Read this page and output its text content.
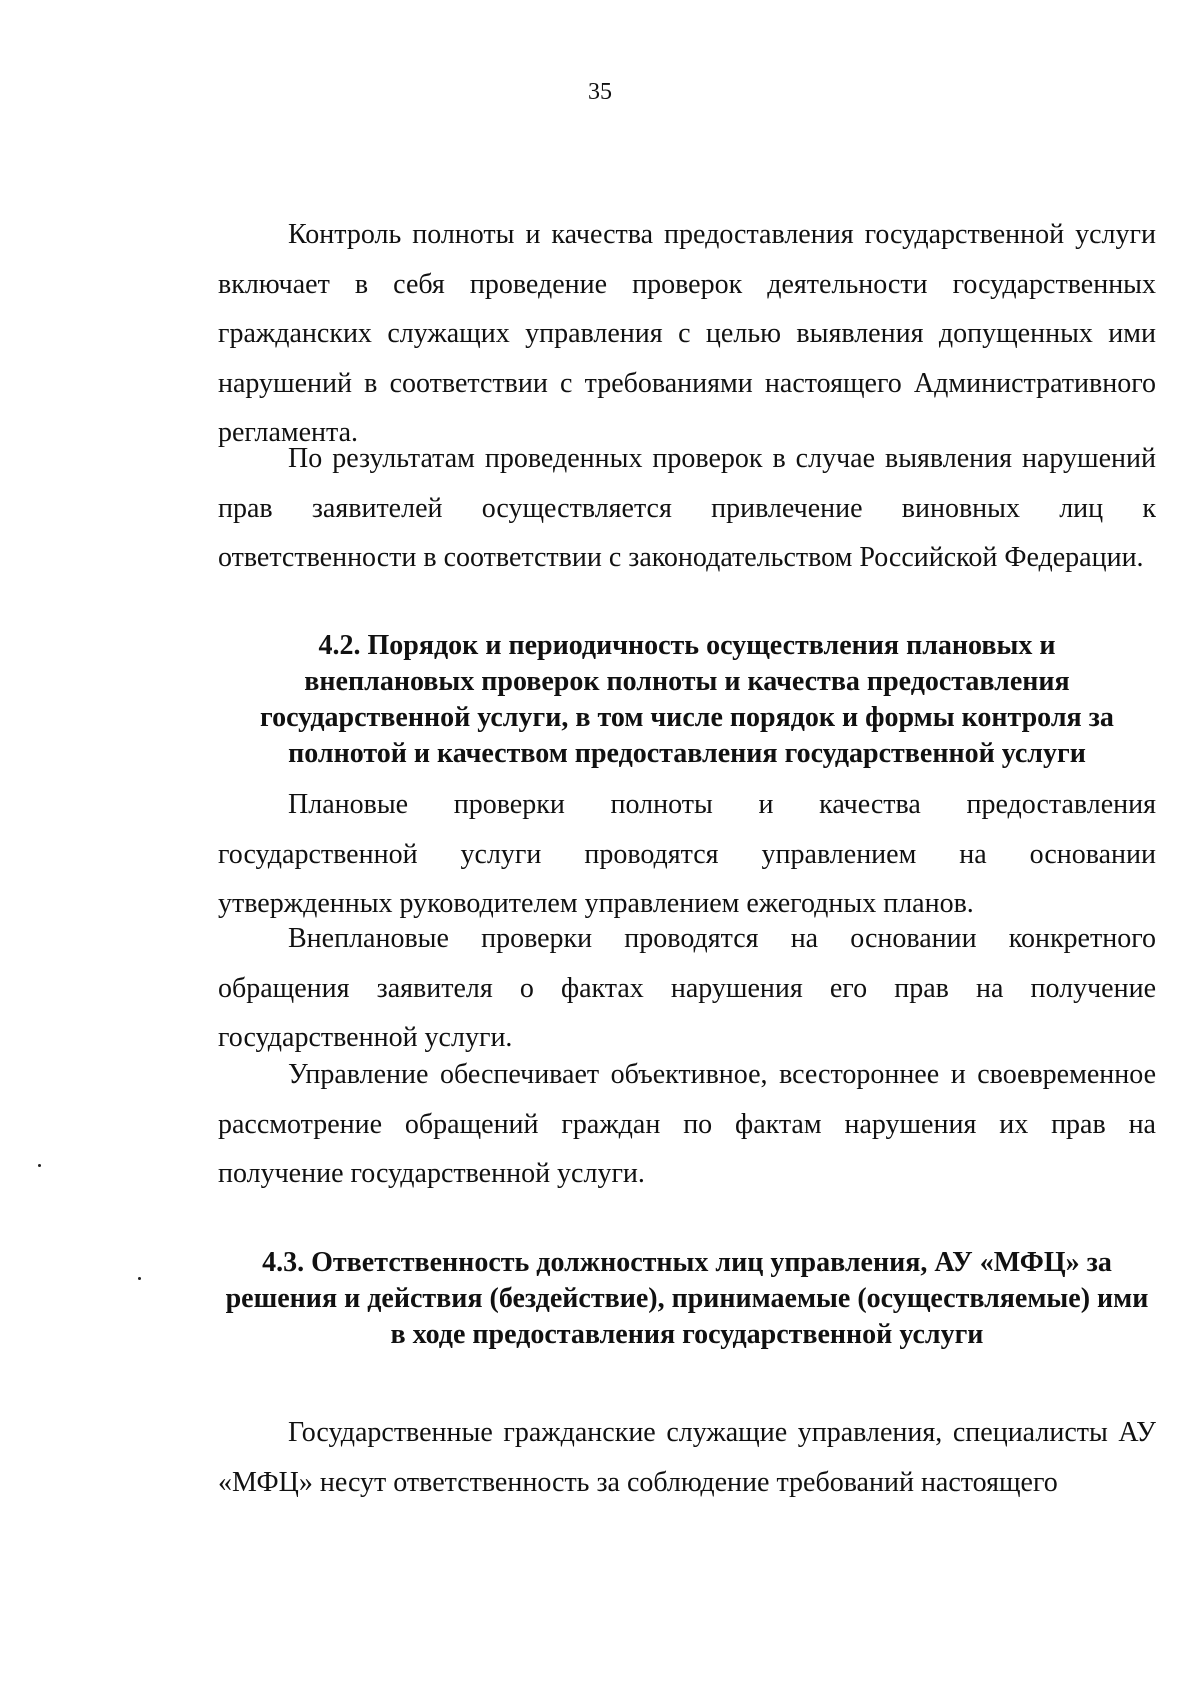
35

Контроль полноты и качества предоставления государственной услуги включает в себя проведение проверок деятельности государственных гражданских служащих управления с целью выявления допущенных ими нарушений в соответствии с требованиями настоящего Административного регламента.

По результатам проведенных проверок в случае выявления нарушений прав заявителей осуществляется привлечение виновных лиц к ответственности в соответствии с законодательством Российской Федерации.

4.2. Порядок и периодичность осуществления плановых и
внеплановых проверок полноты и качества предоставления
государственной услуги, в том числе порядок и формы контроля за
полнотой и качеством предоставления государственной услуги

Плановые проверки полноты и качества предоставления государственной услуги проводятся управлением на основании утвержденных руководителем управлением ежегодных планов.

Внеплановые проверки проводятся на основании конкретного обращения заявителя о фактах нарушения его прав на получение государственной услуги.

Управление обеспечивает объективное, всестороннее и своевременное рассмотрение обращений граждан по фактам нарушения их прав на получение государственной услуги.

4.3. Ответственность должностных лиц управления, АУ «МФЦ» за
решения и действия (бездействие), принимаемые (осуществляемые) ими
в ходе предоставления государственной услуги

Государственные гражданские служащие управления, специалисты АУ «МФЦ» несут ответственность за соблюдение требований настоящего
